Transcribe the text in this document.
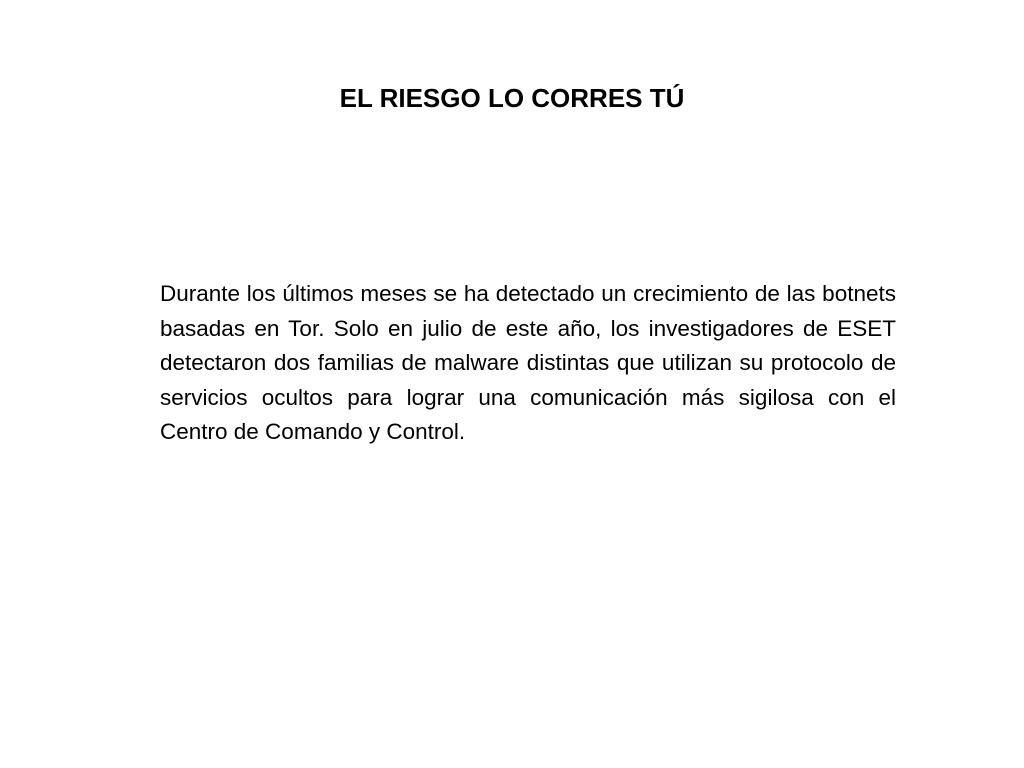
EL RIESGO LO CORRES TÚ
Durante los últimos meses se ha detectado un crecimiento de las botnets basadas en Tor. Solo en julio de este año, los investigadores de ESET detectaron dos familias de malware distintas que utilizan su protocolo de servicios ocultos para lograr una comunicación más sigilosa con el Centro de Comando y Control.
